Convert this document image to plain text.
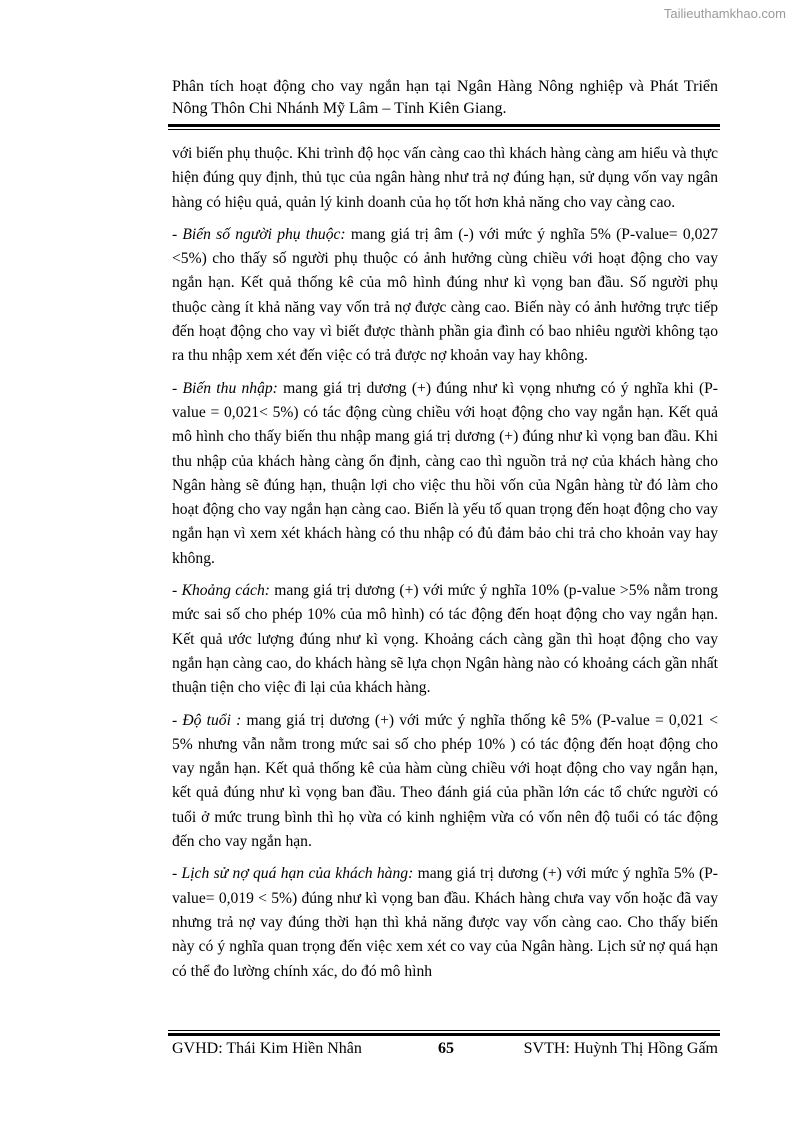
Tailieuthamkhao.com
Phân tích hoạt động cho vay ngắn hạn tại Ngân Hàng Nông nghiệp và Phát Triển Nông Thôn Chi Nhánh Mỹ Lâm – Tỉnh Kiên Giang.

với biến phụ thuộc. Khi trình độ học vấn càng cao thì khách hàng càng am hiểu và thực hiện đúng quy định, thủ tục của ngân hàng như trả nợ đúng hạn, sử dụng vốn vay ngân hàng có hiệu quả, quản lý kinh doanh của họ tốt hơn khả năng cho vay càng cao.

- Biến số người phụ thuộc: mang giá trị âm (-) với mức ý nghĩa 5% (P-value= 0,027 <5%) cho thấy số người phụ thuộc có ảnh hưởng cùng chiều với hoạt động cho vay ngắn hạn. Kết quả thống kê của mô hình đúng như kì vọng ban đầu. Số người phụ thuộc càng ít khả năng vay vốn trả nợ được càng cao. Biến này có ảnh hưởng trực tiếp đến hoạt động cho vay vì biết được thành phần gia đình có bao nhiêu người không tạo ra thu nhập xem xét đến việc có trả được nợ khoản vay hay không.

- Biến thu nhập: mang giá trị dương (+) đúng như kì vọng nhưng có ý nghĩa khi (P-value = 0,021< 5%) có tác động cùng chiều với hoạt động cho vay ngắn hạn. Kết quả mô hình cho thấy biến thu nhập mang giá trị dương (+) đúng như kì vọng ban đầu. Khi thu nhập của khách hàng càng ổn định, càng cao thì nguồn trả nợ của khách hàng cho Ngân hàng sẽ đúng hạn, thuận lợi cho việc thu hồi vốn của Ngân hàng từ đó làm cho hoạt động cho vay ngắn hạn càng cao. Biến là yếu tố quan trọng đến hoạt động cho vay ngắn hạn vì xem xét khách hàng có thu nhập có đủ đảm bảo chi trả cho khoản vay hay không.

- Khoảng cách: mang giá trị dương (+) với mức ý nghĩa 10% (p-value >5% nằm trong mức sai số cho phép 10% của mô hình) có tác động đến hoạt động cho vay ngắn hạn. Kết quả ước lượng đúng như kì vọng. Khoảng cách càng gần thì hoạt động cho vay ngắn hạn càng cao, do khách hàng sẽ lựa chọn Ngân hàng nào có khoảng cách gần nhất thuận tiện cho việc đi lại của khách hàng.

- Độ tuổi : mang giá trị dương (+) với mức ý nghĩa thống kê 5% (P-value = 0,021 < 5% nhưng vẫn nằm trong mức sai số cho phép 10% ) có tác động đến hoạt động cho vay ngắn hạn. Kết quả thống kê của hàm cùng chiều với hoạt động cho vay ngắn hạn, kết quả đúng như kì vọng ban đầu. Theo đánh giá của phần lớn các tổ chức người có tuổi ở mức trung bình thì họ vừa có kinh nghiệm vừa có vốn nên độ tuổi có tác động đến cho vay ngắn hạn.

- Lịch sử nợ quá hạn của khách hàng: mang giá trị dương (+) với mức ý nghĩa 5% (P-value= 0,019 < 5%) đúng như kì vọng ban đầu. Khách hàng chưa vay vốn hoặc đã vay nhưng trả nợ vay đúng thời hạn thì khả năng được vay vốn càng cao. Cho thấy biến này có ý nghĩa quan trọng đến việc xem xét co vay của Ngân hàng. Lịch sử nợ quá hạn có thể đo lường chính xác, do đó mô hình

GVHD: Thái Kim Hiền Nhân	65	SVTH: Huỳnh Thị Hồng Gấm
